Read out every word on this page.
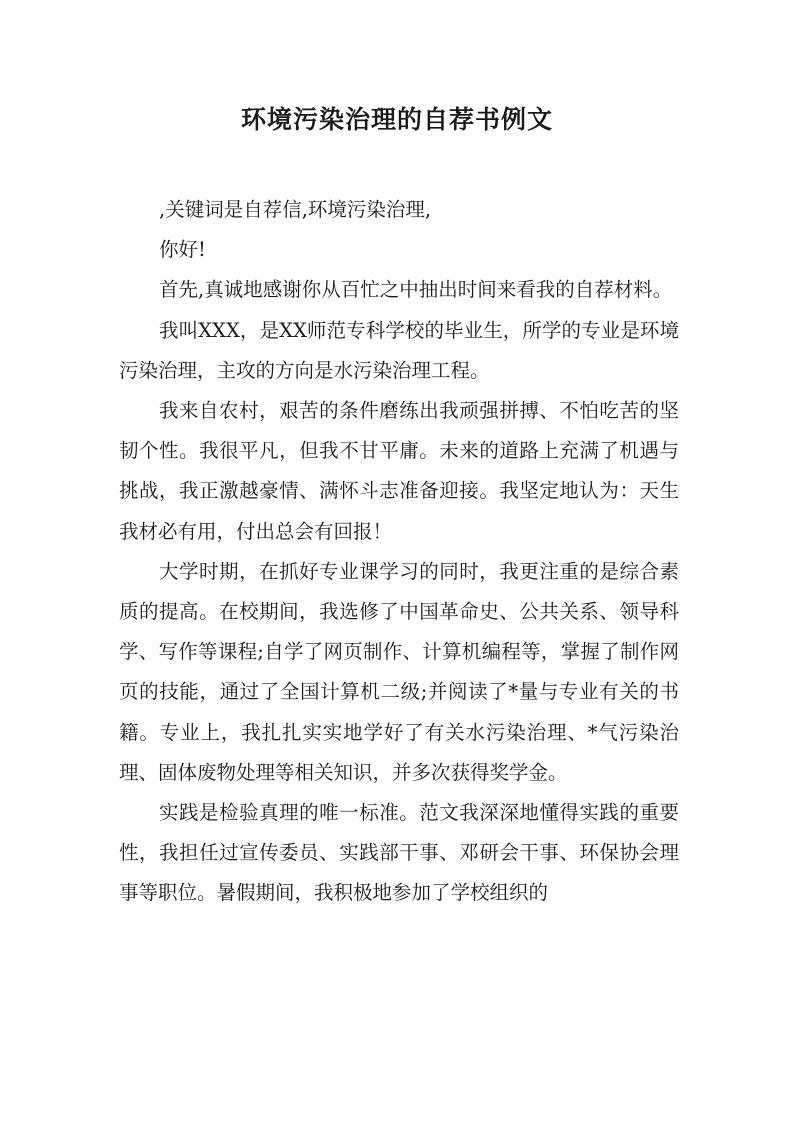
环境污染治理的自荐书例文

,关键词是自荐信,环境污染治理,

你好!

首先,真诚地感谢你从百忙之中抽出时间来看我的自荐材料。

我叫XXX，是XX师范专科学校的毕业生，所学的专业是环境污染治理，主攻的方向是水污染治理工程。

我来自农村，艰苦的条件磨练出我顽强拼搏、不怕吃苦的坚韧个性。我很平凡，但我不甘平庸。未来的道路上充满了机遇与挑战，我正激越豪情、满怀斗志准备迎接。我坚定地认为：天生我材必有用，付出总会有回报！

大学时期，在抓好专业课学习的同时，我更注重的是综合素质的提高。在校期间，我选修了中国革命史、公共关系、领导科学、写作等课程;自学了网页制作、计算机编程等，掌握了制作网页的技能，通过了全国计算机二级;并阅读了*量与专业有关的书籍。专业上，我扎扎实实地学好了有关水污染治理、*气污染治理、固体废物处理等相关知识，并多次获得奖学金。

实践是检验真理的唯一标准。范文我深深地懂得实践的重要性，我担任过宣传委员、实践部干事、邓研会干事、环保协会理事等职位。暑假期间，我积极地参加了学校组织的
